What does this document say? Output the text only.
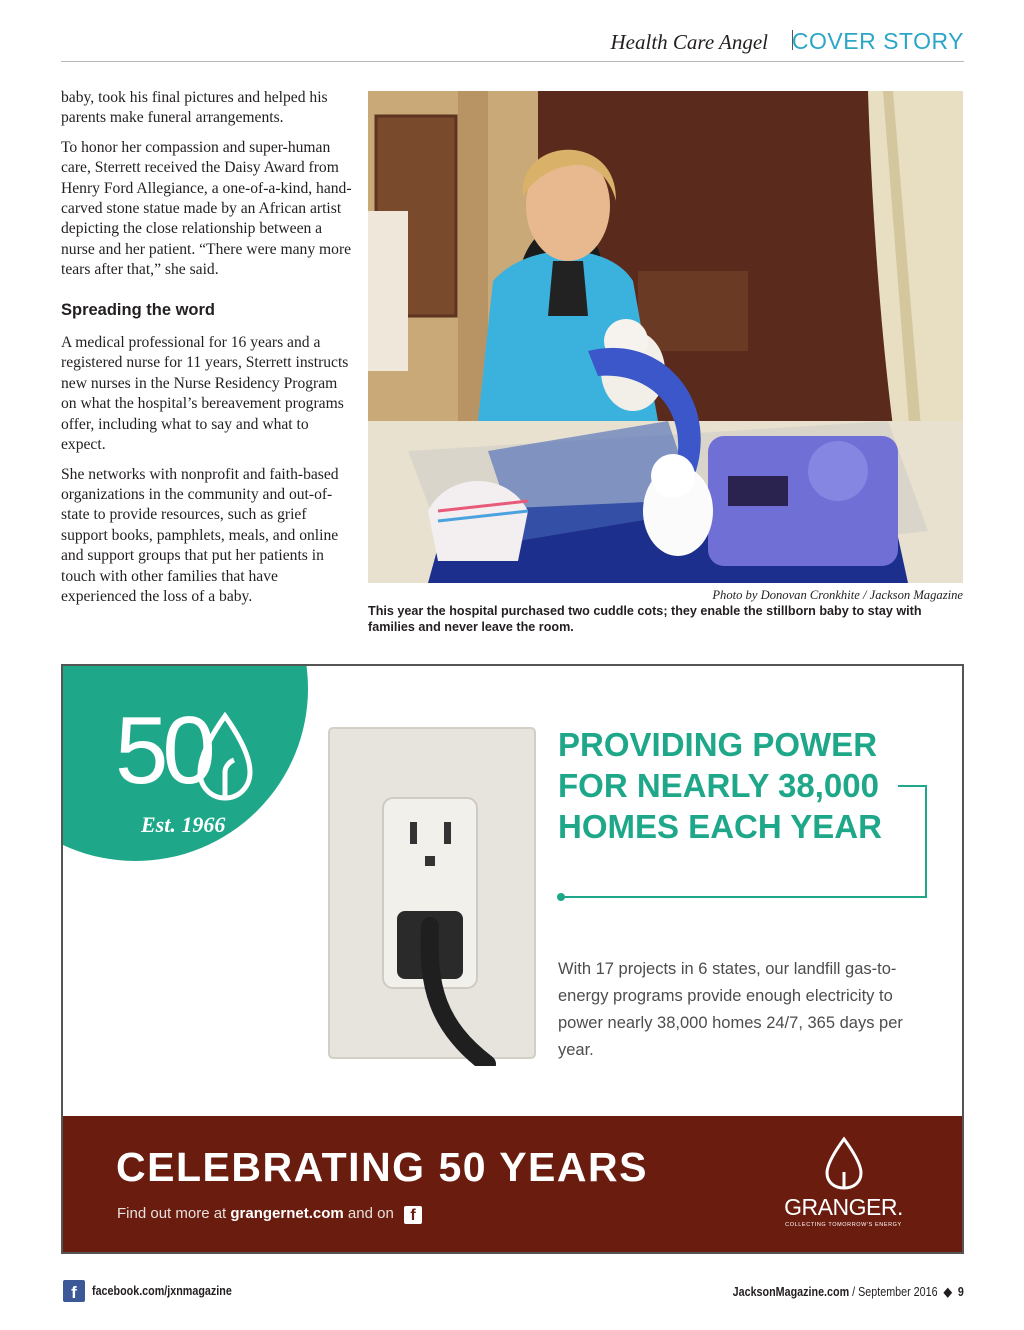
Health Care Angel COVER STORY

baby, took his final pictures and helped his parents make funeral arrangements.

To honor her compassion and super-human care, Sterrett received the Daisy Award from Henry Ford Allegiance, a one-of-a-kind, hand-carved stone statue made by an African artist depicting the close relationship between a nurse and her patient. “There were many more tears after that,” she said.

Spreading the word

A medical professional for 16 years and a registered nurse for 11 years, Sterrett instructs new nurses in the Nurse Residency Program on what the hospital’s bereavement programs offer, including what to say and what to expect.

She networks with nonprofit and faith-based organizations in the community and out-of-state to provide resources, such as grief support books, pamphlets, meals, and online and support groups that put her patients in touch with other families that have experienced the loss of a baby.	Photo by Donovan Cronkhite / Jackson Magazine
This year the hospital purchased two cuddle cots; they enable the stillborn baby to stay with families and never leave the room.
50
Est. 1966
PROVIDING POWER
FOR NEARLY 38,000
HOMES EACH YEAR
With 17 projects in 6 states, our landfill gas-to-energy programs provide enough electricity to power nearly 38,000 homes 24/7, 365 days per year.
CELEBRATING 50 YEARS
Find out more at grangernet.com and on f	GRANGER.
COLLECTING TOMORROW'S ENERGY
f	facebook.com/jxnmagazine	JacksonMagazine.com / September 2016 ◆ 9
